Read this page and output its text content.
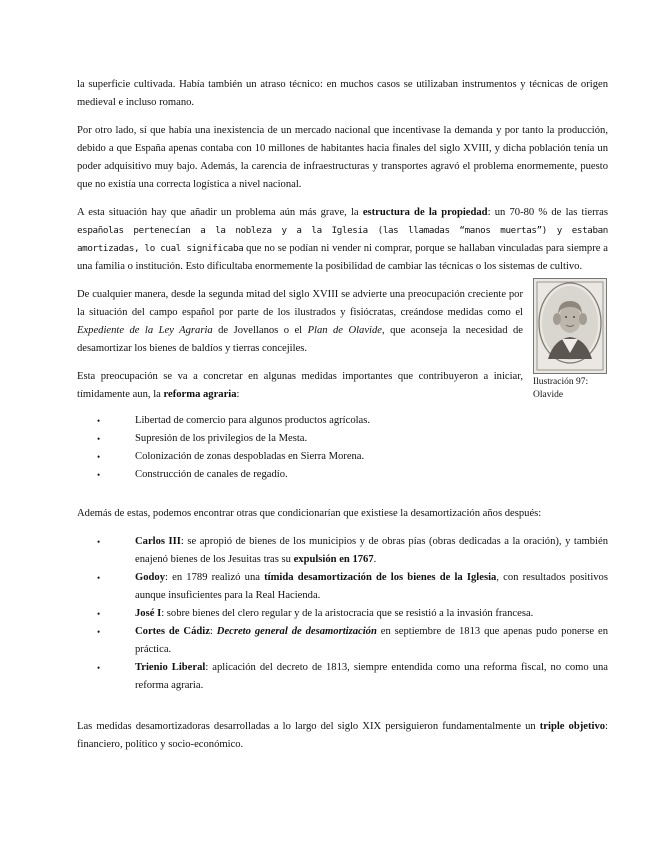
la superficie cultivada. Había también un atraso técnico: en muchos casos se utilizaban instrumentos y técnicas de origen medieval e incluso romano.

Por otro lado, sí que había una inexistencia de un mercado nacional que incentivase la demanda y por tanto la producción, debido a que España apenas contaba con 10 millones de habitantes hacia finales del siglo XVIII, y dicha población tenía un poder adquisitivo muy bajo. Además, la carencia de infraestructuras y transportes agravó el problema enormemente, puesto que no existía una correcta logística a nivel nacional.

A esta situación hay que añadir un problema aún más grave, la estructura de la propiedad: un 70-80 % de las tierras españolas pertenecían a la nobleza y a la Iglesia (las llamadas “manos muertas”) y estaban amortizadas, lo cual significaba que no se podían ni vender ni comprar, porque se hallaban vinculadas para siempre a una familia o institución. Esto dificultaba enormemente la posibilidad de cambiar las técnicas o los sistemas de cultivo.

De cualquier manera, desde la segunda mitad del siglo XVIII se advierte una preocupación creciente por la situación del campo español por parte de los ilustrados y fisiócratas, creándose medidas como el Expediente de la Ley Agraria de Jovellanos o el Plan de Olavide, que aconseja la necesidad de desamortizar los bienes de baldíos y tierras concejiles.

Esta preocupación se va a concretar en algunas medidas importantes que contribuyeron a iniciar, tímidamente aun, la reforma agraria:

Ilustración 97: Olavide
•	Libertad de comercio para algunos productos agrícolas.
•	Supresión de los privilegios de la Mesta.
•	Colonización de zonas despobladas en Sierra Morena.
•	Construcción de canales de regadío.

Además de estas, podemos encontrar otras que condicionarían que existiese la desamortización años después:

•	Carlos III: se apropió de bienes de los municipios y de obras pías (obras dedicadas a la oración), y también enajenó bienes de los Jesuitas tras su expulsión en 1767.
•	Godoy: en 1789 realizó una tímida desamortización de los bienes de la Iglesia, con resultados positivos aunque insuficientes para la Real Hacienda.
•	José I: sobre bienes del clero regular y de la aristocracia que se resistió a la invasión francesa.
•	Cortes de Cádiz: Decreto general de desamortización en septiembre de 1813 que apenas pudo ponerse en práctica.
•	Trienio Liberal: aplicación del decreto de 1813, siempre entendida como una reforma fiscal, no como una reforma agraria.

Las medidas desamortizadoras desarrolladas a lo largo del siglo XIX persiguieron fundamentalmente un triple objetivo: financiero, político y socio-económico.
